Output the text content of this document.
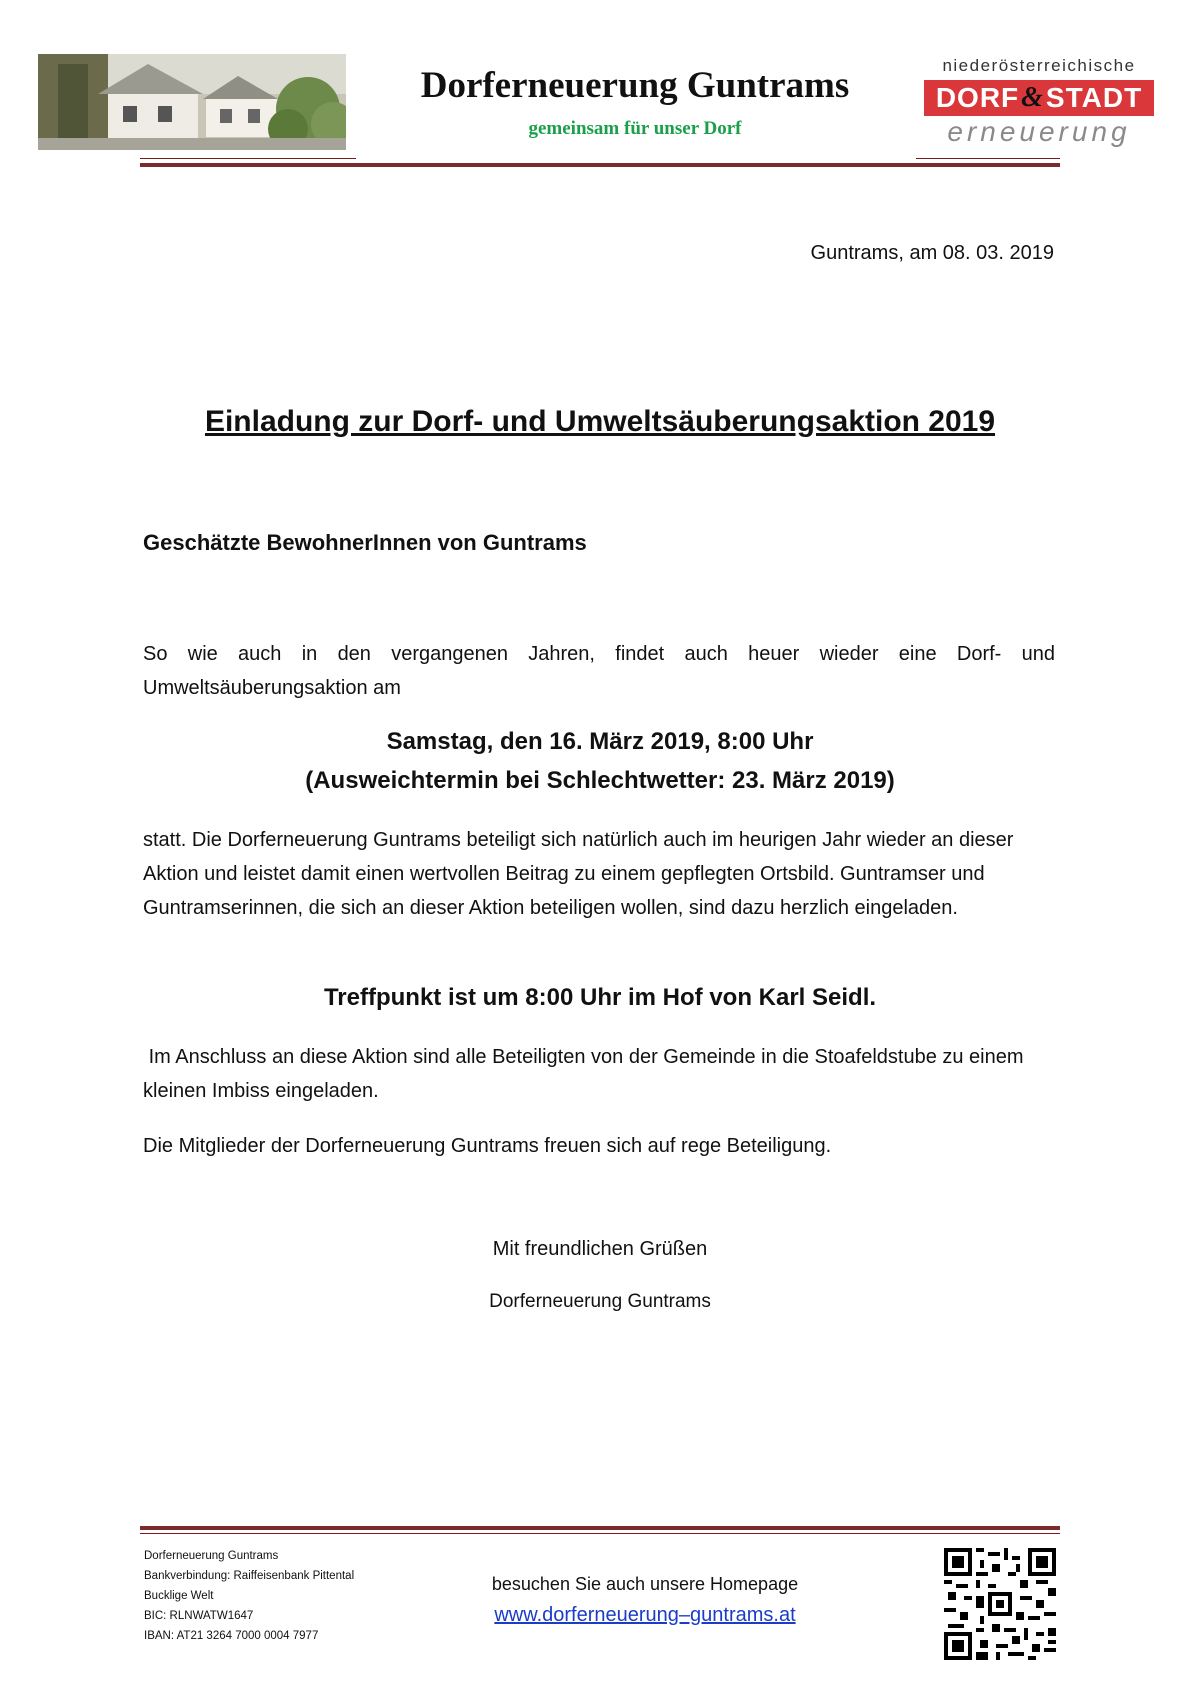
Dorferneuerung Guntrams
gemeinsam für unser Dorf
niederösterreichische
DORF & STADT
erneuerung
Guntrams, am 08. 03. 2019
Einladung zur Dorf- und Umweltsäuberungsaktion 2019
Geschätzte BewohnerInnen von Guntrams
So wie auch in den vergangenen Jahren, findet auch heuer wieder eine Dorf- und Umweltsäuberungsaktion am
Samstag, den 16. März 2019, 8:00 Uhr
(Ausweichtermin bei Schlechtwetter: 23. März 2019)
statt. Die Dorferneuerung Guntrams beteiligt sich natürlich auch im heurigen Jahr wieder an dieser Aktion und leistet damit einen wertvollen Beitrag zu einem gepflegten Ortsbild. Guntramser und Guntramserinnen, die sich an dieser Aktion beteiligen wollen, sind dazu herzlich eingeladen.
Treffpunkt ist um 8:00 Uhr im Hof von Karl Seidl.
Im Anschluss an diese Aktion sind alle Beteiligten von der Gemeinde in die Stoafeldstube zu einem kleinen Imbiss eingeladen.
Die Mitglieder der Dorferneuerung Guntrams freuen sich auf rege Beteiligung.
Mit freundlichen Grüßen
Dorferneuerung Guntrams
Dorferneuerung Guntrams
Bankverbindung: Raiffeisenbank Pittental
Bucklige Welt
BIC: RLNWATW1647
IBAN: AT21 3264 7000 0004 7977
besuchen Sie auch unsere Homepage
www.dorferneuerung–guntrams.at
